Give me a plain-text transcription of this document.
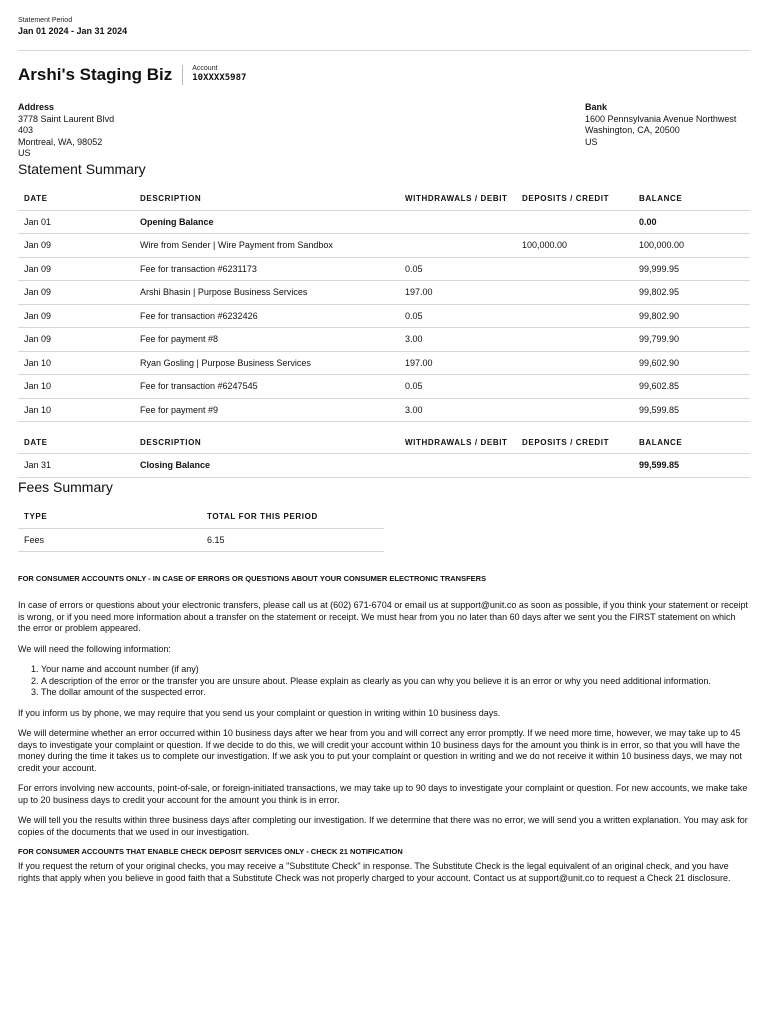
Statement Period
Jan 01 2024 - Jan 31 2024
Arshi's Staging Biz	Account
10XXXX5987
Address
3778 Saint Laurent Blvd
403
Montreal, WA, 98052
US
Bank
1600 Pennsylvania Avenue Northwest
Washington, CA, 20500
US
Statement Summary
DATE	DESCRIPTION	WITHDRAWALS / DEBIT	DEPOSITS / CREDIT	BALANCE
Jan 01	Opening Balance			0.00
Jan 09	Wire from Sender | Wire Payment from Sandbox		100,000.00	100,000.00
Jan 09	Fee for transaction #6231173	0.05		99,999.95
Jan 09	Arshi Bhasin | Purpose Business Services	197.00		99,802.95
Jan 09	Fee for transaction #6232426	0.05		99,802.90
Jan 09	Fee for payment #8	3.00		99,799.90
Jan 10	Ryan Gosling | Purpose Business Services	197.00		99,602.90
Jan 10	Fee for transaction #6247545	0.05		99,602.85
Jan 10	Fee for payment #9	3.00		99,599.85
DATE	DESCRIPTION	WITHDRAWALS / DEBIT	DEPOSITS / CREDIT	BALANCE
Jan 31	Closing Balance			99,599.85
Fees Summary
TYPE	TOTAL FOR THIS PERIOD
Fees	6.15
FOR CONSUMER ACCOUNTS ONLY - IN CASE OF ERRORS OR QUESTIONS ABOUT YOUR CONSUMER ELECTRONIC TRANSFERS

In case of errors or questions about your electronic transfers, please call us at (602) 671-6704 or email us at support@unit.co as soon as possible, if you think your statement or receipt is wrong, or if you need more information about a transfer on the statement or receipt. We must hear from you no later than 60 days after we sent you the FIRST statement on which the error or problem appeared.

We will need the following information:

1. Your name and account number (if any)
2. A description of the error or the transfer you are unsure about. Please explain as clearly as you can why you believe it is an error or why you need additional information.
3. The dollar amount of the suspected error.

If you inform us by phone, we may require that you send us your complaint or question in writing within 10 business days.

We will determine whether an error occurred within 10 business days after we hear from you and will correct any error promptly. If we need more time, however, we may take up to 45 days to investigate your complaint or question. If we decide to do this, we will credit your account within 10 business days for the amount you think is in error, so that you will have the money during the time it takes us to complete our investigation. If we ask you to put your complaint or question in writing and we do not receive it within 10 business days, we may not credit your account.

For errors involving new accounts, point-of-sale, or foreign-initiated transactions, we may take up to 90 days to investigate your complaint or question. For new accounts, we make take up to 20 business days to credit your account for the amount you think is in error.

We will tell you the results within three business days after completing our investigation. If we determine that there was no error, we will send you a written explanation. You may ask for copies of the documents that we used in our investigation.

FOR CONSUMER ACCOUNTS THAT ENABLE CHECK DEPOSIT SERVICES ONLY - CHECK 21 NOTIFICATION

If you request the return of your original checks, you may receive a "Substitute Check" in response. The Substitute Check is the legal equivalent of an original check, and you have rights that apply when you believe in good faith that a Substitute Check was not properly charged to your account. Contact us at support@unit.co to request a Check 21 disclosure.
